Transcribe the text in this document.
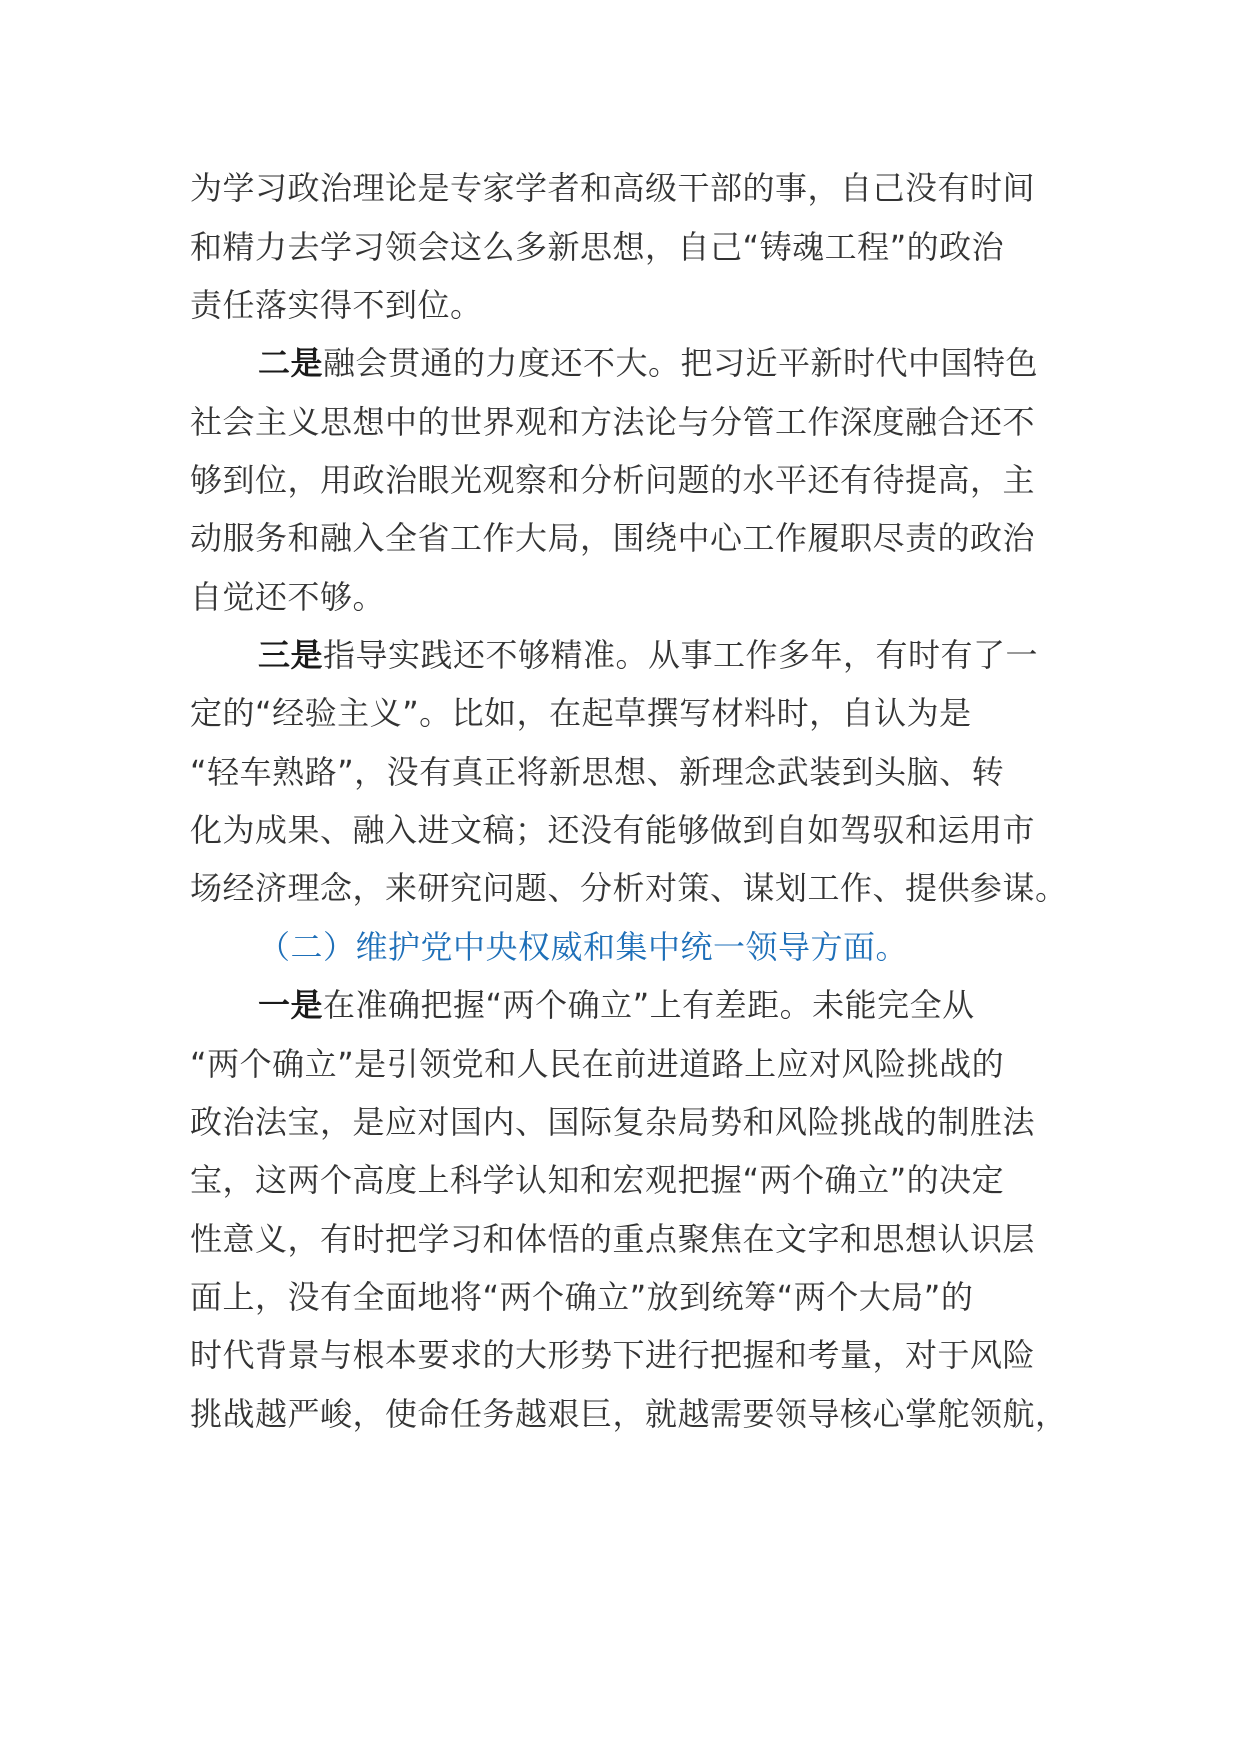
为学习政治理论是专家学者和高级干部的事，自己没有时间
和精力去学习领会这么多新思想，自己“铸魂工程”的政治
责任落实得不到位。
二是融会贯通的力度还不大。把习近平新时代中国特色
社会主义思想中的世界观和方法论与分管工作深度融合还不
够到位，用政治眼光观察和分析问题的水平还有待提高，主
动服务和融入全省工作大局，围绕中心工作履职尽责的政治
自觉还不够。
三是指导实践还不够精准。从事工作多年，有时有了一
定的“经验主义”。比如，在起草撰写材料时，自认为是
“轻车熟路”，没有真正将新思想、新理念武装到头脑、转
化为成果、融入进文稿；还没有能够做到自如驾驭和运用市
场经济理念，来研究问题、分析对策、谋划工作、提供参谋。
（二）维护党中央权威和集中统一领导方面。
一是在准确把握“两个确立”上有差距。未能完全从
“两个确立”是引领党和人民在前进道路上应对风险挑战的
政治法宝，是应对国内、国际复杂局势和风险挑战的制胜法
宝，这两个高度上科学认知和宏观把握“两个确立”的决定
性意义，有时把学习和体悟的重点聚焦在文字和思想认识层
面上，没有全面地将“两个确立”放到统筹“两个大局”的
时代背景与根本要求的大形势下进行把握和考量，对于风险
挑战越严峻，使命任务越艰巨，就越需要领导核心掌舵领航，
